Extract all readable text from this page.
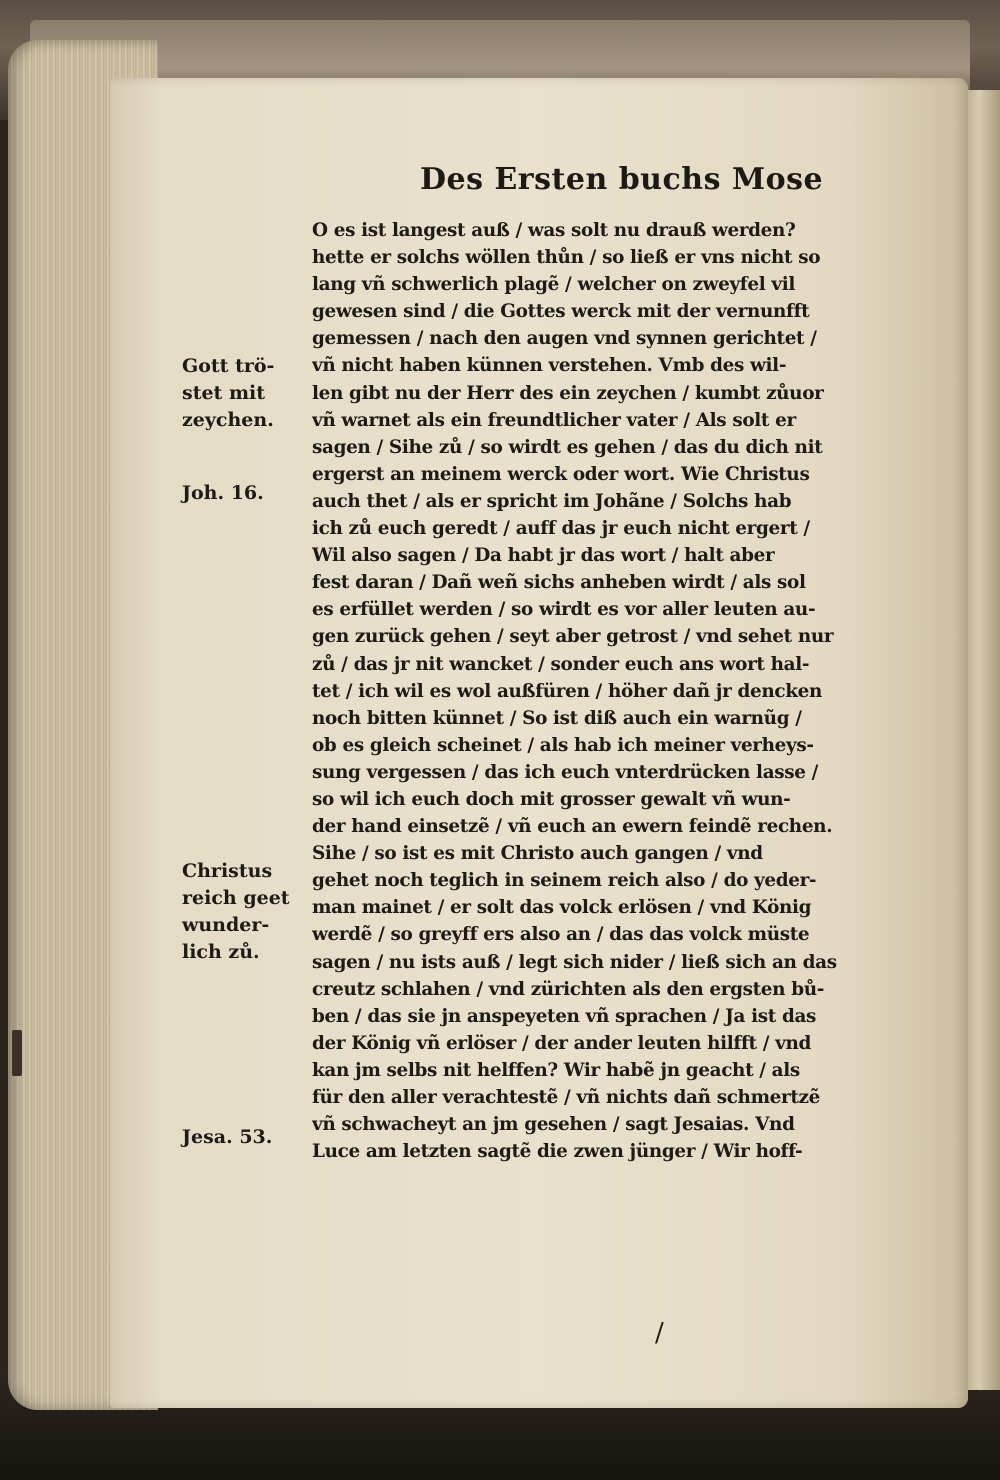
Des Ersten buchs Mose
O es ist langest auß / was solt nu drauß werden?
hette er solchs wöllen thůn / so ließ er vns nicht so
lang vñ schwerlich plagẽ / welcher on zweyfel vil
gewesen sind / die Gottes werck mit der vernunfft
gemessen / nach den augen vnd synnen gerichtet /
vñ nicht haben künnen verstehen. Vmb des wil-
len gibt nu der Herr des ein zeychen / kumbt zůuor
vñ warnet als ein freundtlicher vater / Als solt er
sagen / Sihe zů / so wirdt es gehen / das du dich nit
ergerst an meinem werck oder wort. Wie Christus
auch thet / als er spricht im Johãne / Solchs hab
ich zů euch geredt / auff das jr euch nicht ergert /
Wil also sagen / Da habt jr das wort / halt aber
fest daran / Dañ weñ sichs anheben wirdt / als sol
es erfüllet werden / so wirdt es vor aller leuten au-
gen zurück gehen / seyt aber getrost / vnd sehet nur
zů / das jr nit wancket / sonder euch ans wort hal-
tet / ich wil es wol außfüren / höher dañ jr dencken
noch bitten künnet / So ist diß auch ein warnũg /
ob es gleich scheinet / als hab ich meiner verheys-
sung vergessen / das ich euch vnterdrücken lasse /
so wil ich euch doch mit grosser gewalt vñ wun-
der hand einsetzẽ / vñ euch an ewern feindẽ rechen.
Sihe / so ist es mit Christo auch gangen / vnd
gehet noch teglich in seinem reich also / do yeder-
man mainet / er solt das volck erlösen / vnd König
werdẽ / so greyff ers also an / das das volck müste
sagen / nu ists auß / legt sich nider / ließ sich an das
creutz schlahen / vnd zürichten als den ergsten bů-
ben / das sie jn anspeyeten vñ sprachen / Ja ist das
der König vñ erlöser / der ander leuten hilfft / vnd
kan jm selbs nit helffen? Wir habẽ jn geacht / als
für den aller verachtestẽ / vñ nichts dañ schmertzẽ
vñ schwacheyt an jm gesehen / sagt Jesaias. Vnd
Luce am letzten sagtẽ die zwen jünger / Wir hoff-
Gott trö-
stet mit
zeychen.
Joh. 16.
Christus
reich geet
wunder-
lich zů.
Jesa. 53.
/
